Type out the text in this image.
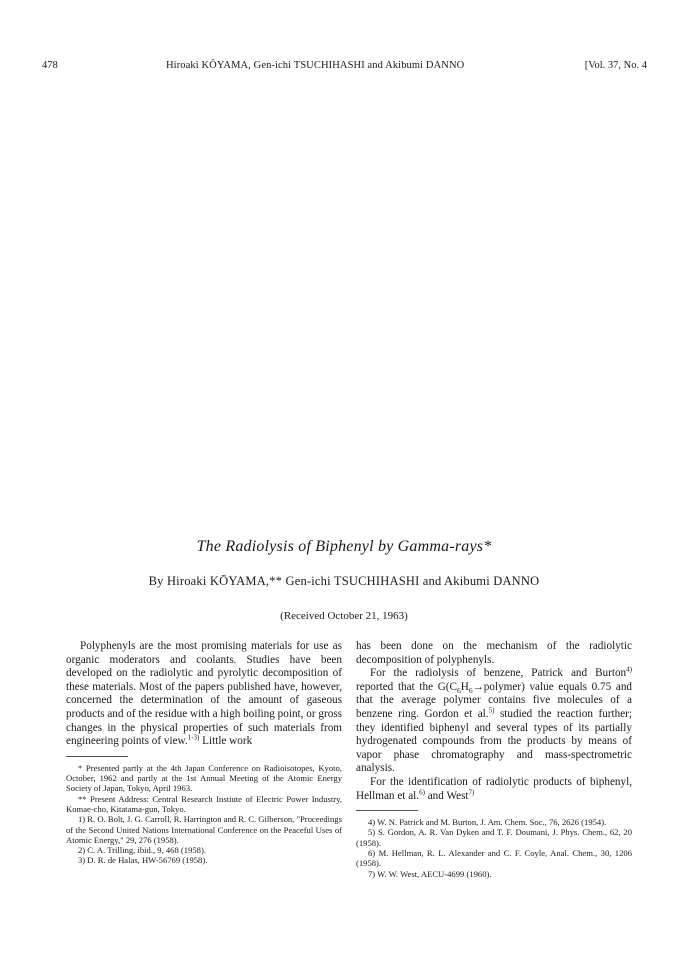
478	Hiroaki KŌYAMA, Gen-ichi TSUCHIHASHI and Akibumi DANNO	[Vol. 37, No. 4
The Radiolysis of Biphenyl by Gamma-rays*
By Hiroaki KŌYAMA,** Gen-ichi TSUCHIHASHI and Akibumi DANNO
(Received October 21, 1963)

Polyphenyls are the most promising materials for use as organic moderators and coolants. Studies have been developed on the radiolytic and pyrolytic decomposition of these materials. Most of the papers published have, however, concerned the determination of the amount of gaseous products and of the residue with a high boiling point, or gross changes in the physical properties of such materials from engineering points of view.$^{1-3)}$ Little work

* Presented partly at the 4th Japan Conference on Radioisotopes, Kyoto, October, 1962 and partly at the 1st Annual Meeting of the Atomic Energy Society of Japan, Tokyo, April 1963.
** Present Address: Central Research Instiute of Electric Power Industry, Komae-cho, Kitatama-gun, Tokyo.
1) R. O. Bolt, J. G. Carroll, R. Harrington and R. C. Gilberson, "Proceedings of the Second United Nations International Conference on the Peaceful Uses of Atomic Energy," 29, 276 (1958).
2) C. A. Trilling, ibid., 9, 468 (1958).
3) D. R. de Halas, HW-56769 (1958).

has been done on the mechanism of the radiolytic decomposition of polyphenyls.

For the radiolysis of benzene, Patrick and Burton$^{4)}$ reported that the $G(C_6H_6\to polymer)$ value equals 0.75 and that the average polymer contains five molecules of a benzene ring. Gordon et al.$^{5)}$ studied the reaction further; they identified biphenyl and several types of its partially hydrogenated compounds from the products by means of vapor phase chromatography and mass-spectrometric analysis.

For the identification of radiolytic products of biphenyl, Hellman et al.$^{6)}$ and West$^{7)}$

4) W. N. Patrick and M. Burton, J. Am. Chem. Soc., 76, 2626 (1954).
5) S. Gordon, A. R. Van Dyken and T. F. Doumani, J. Phys. Chem., 62, 20 (1958).
6) M. Hellman, R. L. Alexander and C. F. Coyle, Anal. Chem., 30, 1206 (1958).
7) W. W. West, AECU-4699 (1960).
